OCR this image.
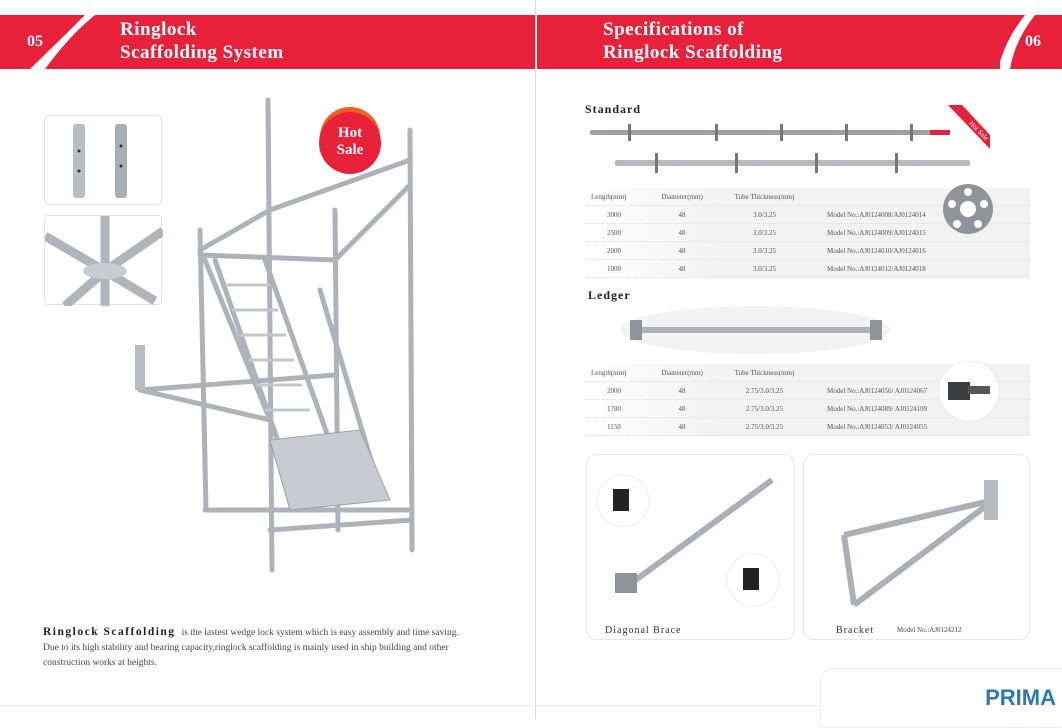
05
Ringlock
Scaffolding System
Specifications of
Ringlock Scaffolding
06
Hot
Sale
Ringlock Scaffolding is the lastest wedge lock system which is easy assembly and time saving. Due to its high stability and bearing capacity,ringlock scaffolding is mainly used in ship building and other construction works at heights.
Standard
Hot Sale
Length(mm)	Diameter(mm)	Tube Thickness(mm)
3000	48	3.0/3.25	Model No.:AJ0124008/AJ0124014
2500	48	3.0/3.25	Model No.:AJ0124009/AJ0124015
2000	48	3.0/3.25	Model No.:AJ0124010/AJ0124016
1000	48	3.0/3.25	Model No.:AJ0124012/AJ0124018
Ledger
Length(mm)	Diameter(mm)	Tube Thickness(mm)
2000	48	2.75/3.0/3.25	Model No.:AJ0124056/ AJ0124067
1780	48	2.75/3.0/3.25	Model No.:AJ0124089/ AJ0124109
1150	48	2.75/3.0/3.25	Model No.:AJ0124053/ AJ0124055
Diagonal Brace	Bracket	Model No.:AJ0124212
PRIMA
